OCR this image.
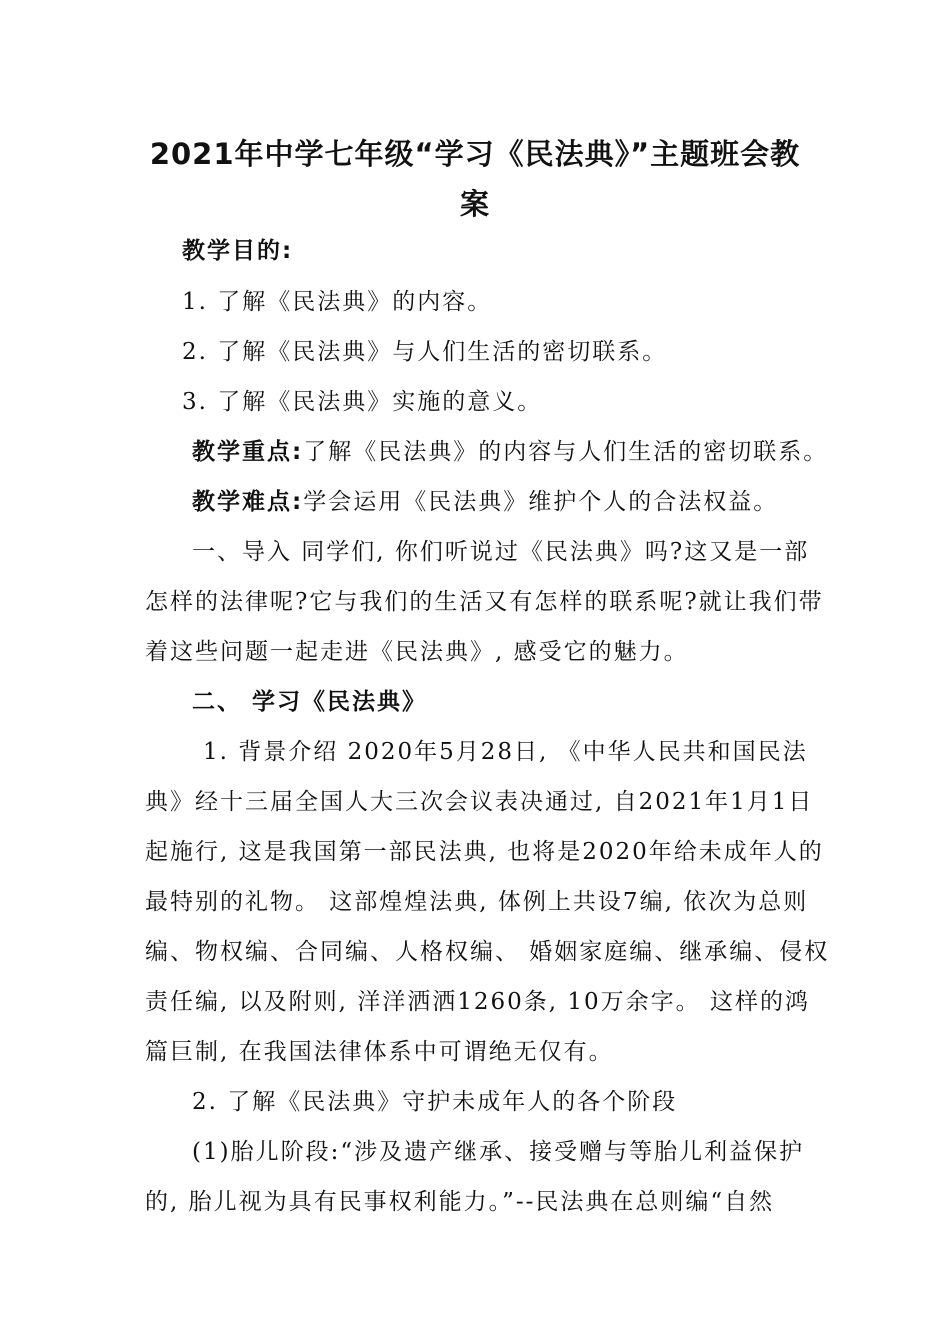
2021年中学七年级“学习《民法典》”主题班会教
案
教学目的:
1. 了解《民法典》的内容。
2. 了解《民法典》与人们生活的密切联系。
3. 了解《民法典》实施的意义。
教学重点:了解《民法典》的内容与人们生活的密切联系。
教学难点:学会运用《民法典》维护个人的合法权益。
一、导入 同学们, 你们听说过《民法典》吗?这又是一部
怎样的法律呢?它与我们的生活又有怎样的联系呢?就让我们带
着这些问题一起走进《民法典》, 感受它的魅力。
二、 学习《民法典》
1. 背景介绍 2020年5月28日, 《中华人民共和国民法
典》经十三届全国人大三次会议表决通过, 自2021年1月1日
起施行, 这是我国第一部民法典, 也将是2020年给未成年人的
最特别的礼物。 这部煌煌法典, 体例上共设7编, 依次为总则
编、物权编、合同编、人格权编、 婚姻家庭编、继承编、侵权
责任编, 以及附则, 洋洋洒洒1260条, 10万余字。 这样的鸿
篇巨制, 在我国法律体系中可谓绝无仅有。
2. 了解《民法典》守护未成年人的各个阶段
(1)胎儿阶段:“涉及遗产继承、接受赠与等胎儿利益保护
的, 胎儿视为具有民事权利能力。”--民法典在总则编“自然
